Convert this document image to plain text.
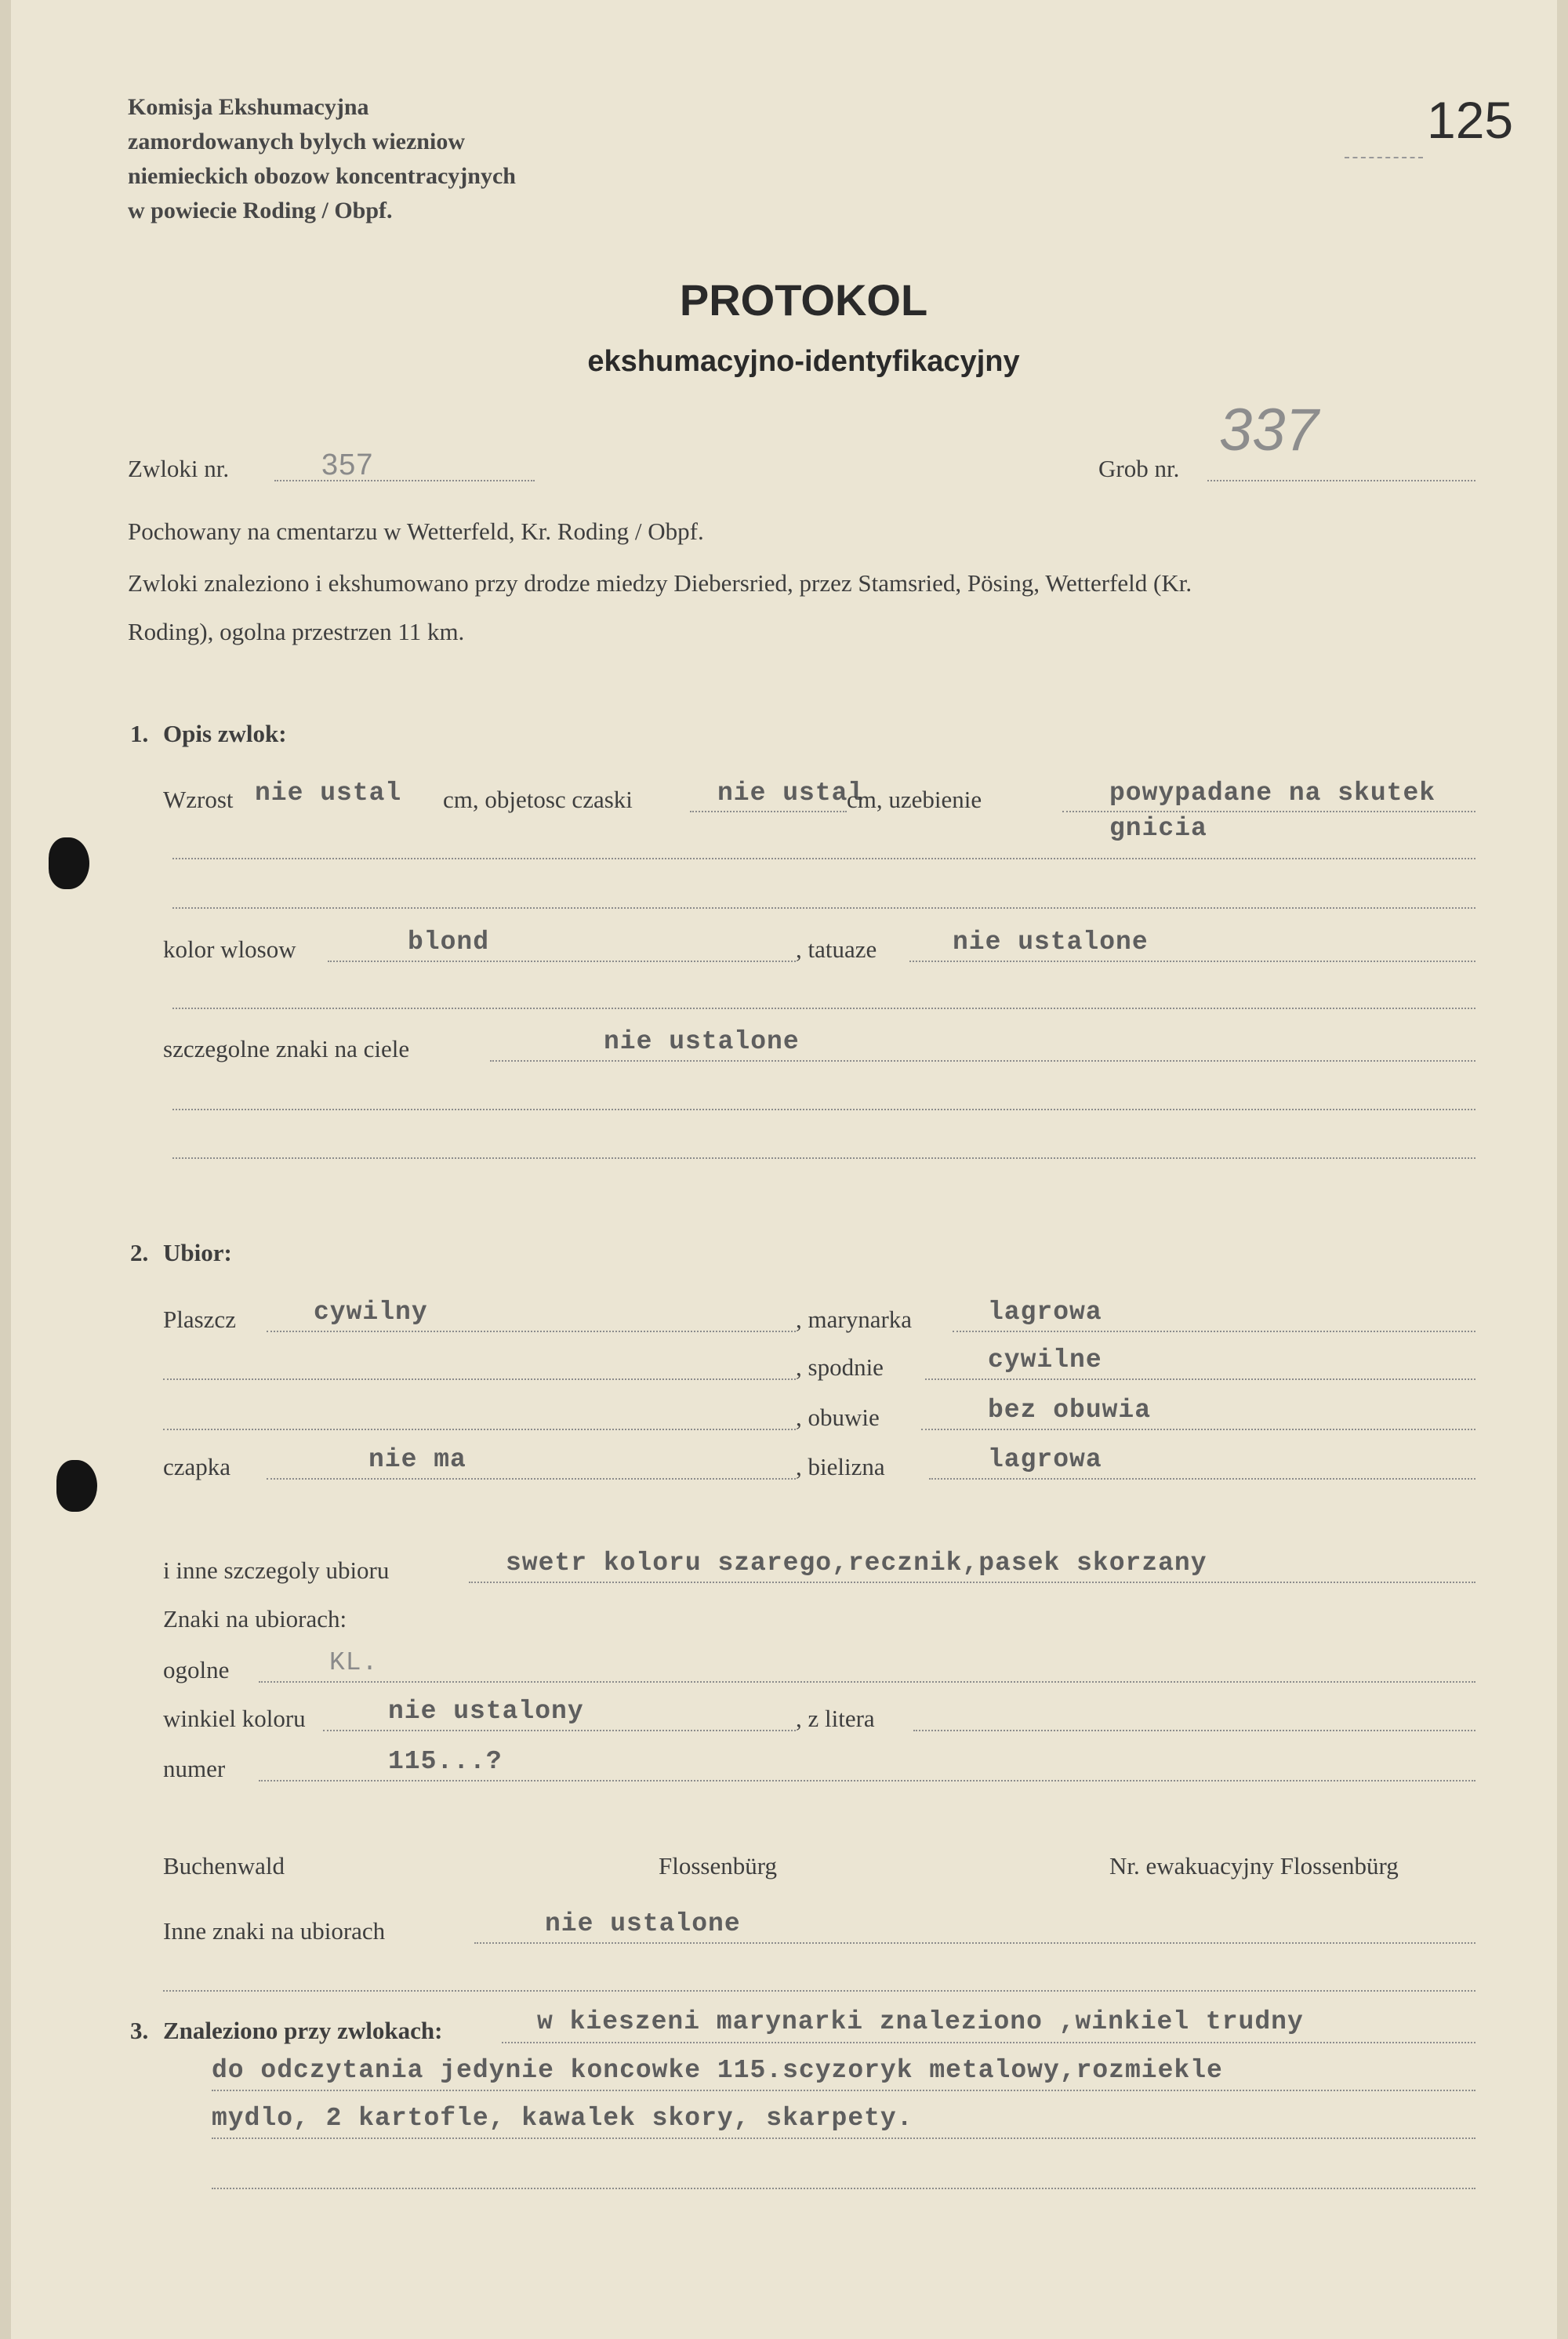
Komisja Ekshumacyjna
zamordowanych bylych wiezniow
niemieckich obozow koncentracyjnych
w powiecie Roding / Obpf.
125
PROTOKOL
ekshumacyjno-identyfikacyjny
Zwloki nr.	357	Grob nr.
337
Pochowany na cmentarzu w Wetterfeld, Kr. Roding / Obpf.
Zwloki znaleziono i ekshumowano przy drodze miedzy Diebersried, przez Stamsried, Pösing, Wetterfeld (Kr.
Roding), ogolna przestrzen 11 km.
1. Opis zwlok:
Wzrost nie ustal cm, objetosc czaski	nie ustal
cm, uzebienie	powypadane na skutek
gnicia
kolor wlosow	blond	, tatuaze	nie ustalone
szczegolne znaki na ciele	nie ustalone
2. Ubior:
Plaszcz	cywilny	, marynarka	lagrowa
, spodnie	cywilne
, obuwie	bez obuwia
czapka	nie ma	, bielizna	lagrowa
i inne szczegoly ubioru	swetr koloru szarego,recznik,pasek skorzany
Znaki na ubiorach:
ogolne	KL.
winkiel koloru	nie ustalony	, z litera
numer	115...?
Buchenwald	Flossenbürg	Nr. ewakuacyjny Flossenbürg
Inne znaki na ubiorach	nie ustalone
3. Znaleziono przy zwlokach:	w kieszeni marynarki znaleziono ,winkiel trudny
do odczytania jedynie koncowke 115.scyzoryk metalowy,rozmiekle
mydlo, 2 kartofle, kawalek skory, skarpety.
